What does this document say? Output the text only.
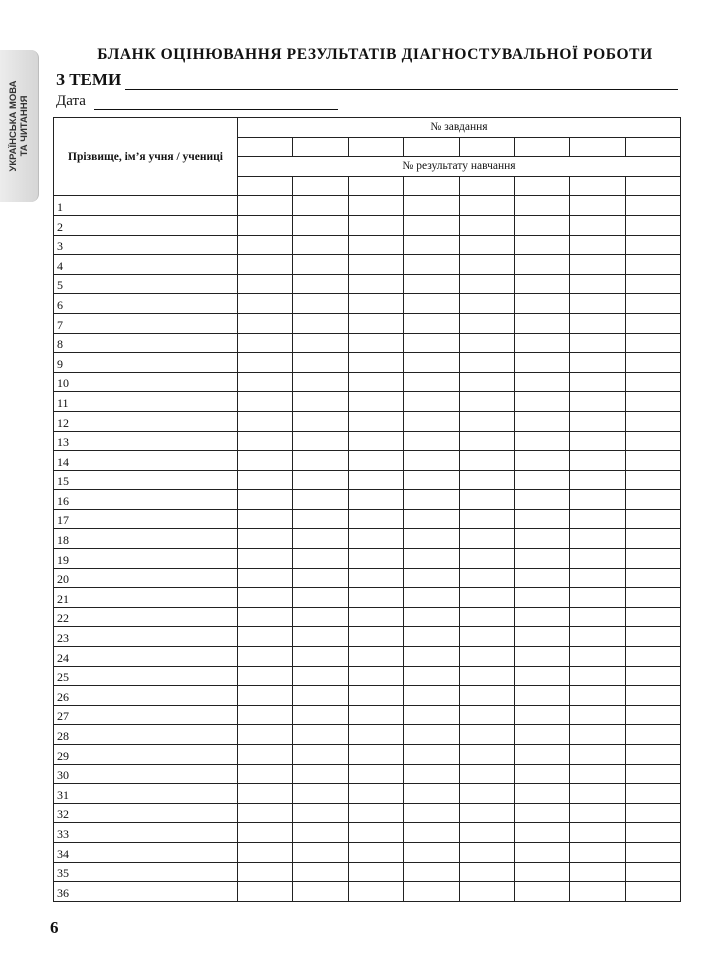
УКРАЇНСЬКА МОВА ТА ЧИТАННЯ
БЛАНК ОЦІНЮВАННЯ РЕЗУЛЬТАТІВ ДІАГНОСТУВАЛЬНОЇ РОБОТИ
З ТЕМИ
Дата
Прізвище, ім’я учня / учениці	№ завдання							

	№ результату навчання							

1								
2								
3								
4								
5								
6								
7								
8								
9								
10								
11								
12								
13								
14								
15								
16								
17								
18								
19								
20								
21								
22								
23								
24								
25								
26								
27								
28								
29								
30								
31								
32								
33								
34								
35								
36								
6
